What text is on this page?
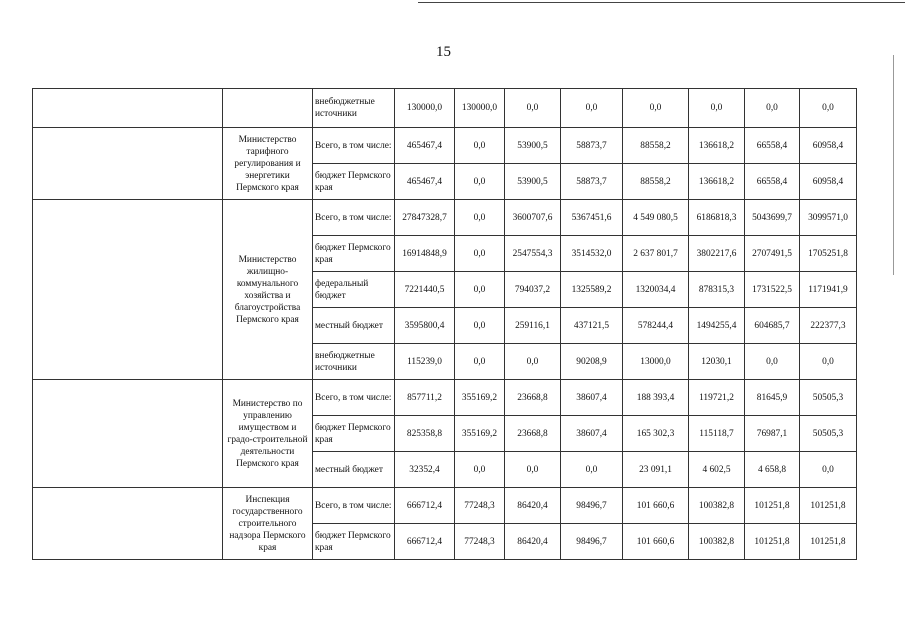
15
		внебюджетные источники	130000,0	130000,0	0,0	0,0	0,0	0,0	0,0	0,0
	Министерство тарифного регулирования и энергетики Пермского края	Всего, в том числе:	465467,4	0,0	53900,5	58873,7	88558,2	136618,2	66558,4	60958,4
		бюджет Пермского края	465467,4	0,0	53900,5	58873,7	88558,2	136618,2	66558,4	60958,4
	Министерство жилищно-коммунального хозяйства и благоустройства Пермского края	Всего, в том числе:	27847328,7	0,0	3600707,6	5367451,6	4 549 080,5	6186818,3	5043699,7	3099571,0
		бюджет Пермского края	16914848,9	0,0	2547554,3	3514532,0	2 637 801,7	3802217,6	2707491,5	1705251,8
		федеральный бюджет	7221440,5	0,0	794037,2	1325589,2	1320034,4	878315,3	1731522,5	1171941,9
		местный бюджет	3595800,4	0,0	259116,1	437121,5	578244,4	1494255,4	604685,7	222377,3
		внебюджетные источники	115239,0	0,0	0,0	90208,9	13000,0	12030,1	0,0	0,0
	Министерство по управлению имуществом и градо-строительной деятельности Пермского края	Всего, в том числе:	857711,2	355169,2	23668,8	38607,4	188 393,4	119721,2	81645,9	50505,3
		бюджет Пермского края	825358,8	355169,2	23668,8	38607,4	165 302,3	115118,7	76987,1	50505,3
		местный бюджет	32352,4	0,0	0,0	0,0	23 091,1	4 602,5	4 658,8	0,0
	Инспекция государственного строительного надзора Пермского края	Всего, в том числе:	666712,4	77248,3	86420,4	98496,7	101 660,6	100382,8	101251,8	101251,8
		бюджет Пермского края	666712,4	77248,3	86420,4	98496,7	101 660,6	100382,8	101251,8	101251,8
